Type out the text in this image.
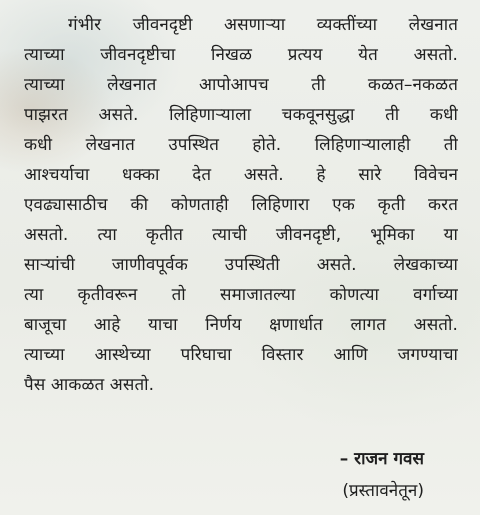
गंभीर जीवनदृष्टी असणाऱ्या व्यक्तींच्या लेखनात
त्याच्या जीवनदृष्टीचा निखळ प्रत्यय येत असतो.
त्याच्या लेखनात आपोआपच ती कळत–नकळत
पाझरत असते. लिहिणाऱ्याला चकवूनसुद्धा ती कधी
कधी लेखनात उपस्थित होते. लिहिणाऱ्यालाही ती
आश्चर्याचा धक्का देत असते. हे सारे विवेचन
एवढ्यासाठीच की कोणताही लिहिणारा एक कृती करत
असतो. त्या कृतीत त्याची जीवनदृष्टी, भूमिका या
साऱ्यांची जाणीवपूर्वक उपस्थिती असते. लेखकाच्या
त्या कृतीवरून तो समाजातल्या कोणत्या वर्गाच्या
बाजूचा आहे याचा निर्णय क्षणार्धात लागत असतो.
त्याच्या आस्थेच्या परिघाचा विस्तार आणि जगण्याचा
पैस आकळत असतो.
– राजन गवस
(प्रस्तावनेतून)
